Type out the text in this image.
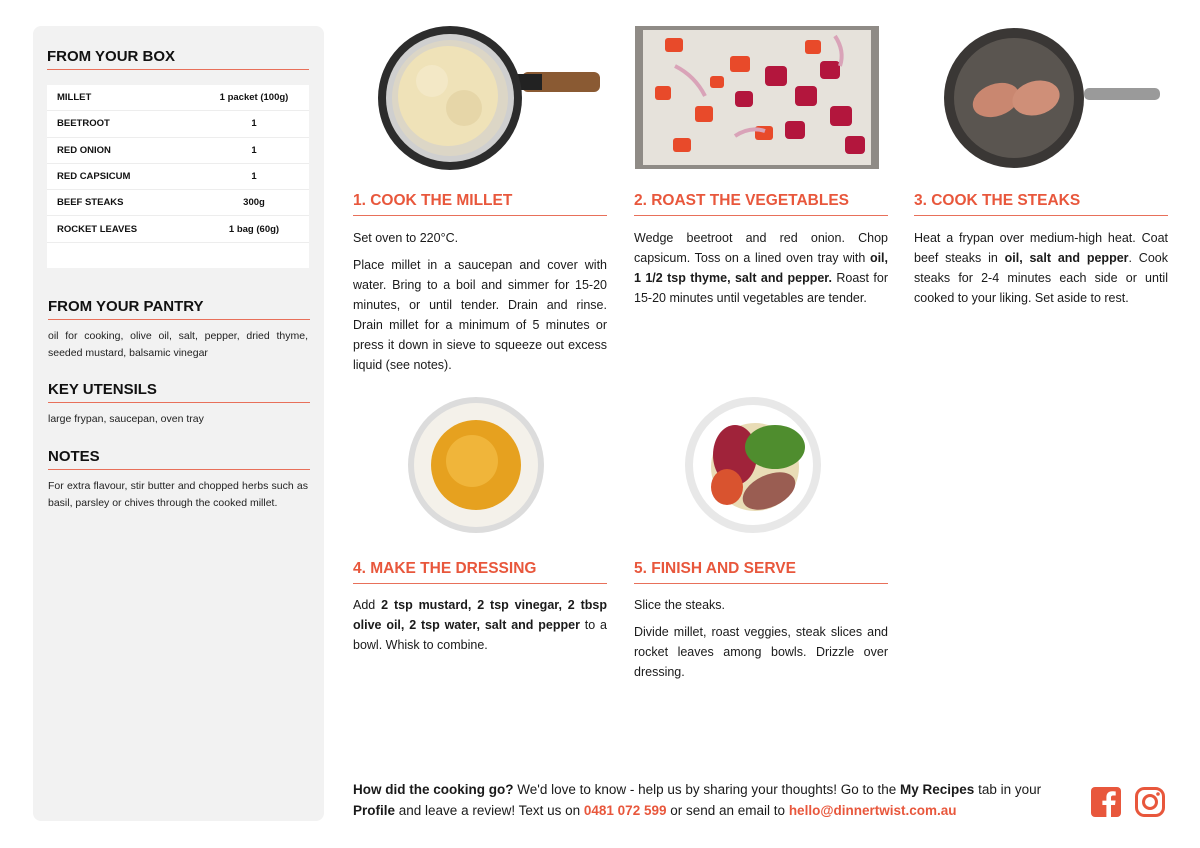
FROM YOUR BOX
MILLET	1 packet (100g)
BEETROOT	1
RED ONION	1
RED CAPSICUM	1
BEEF STEAKS	300g
ROCKET LEAVES	1 bag (60g)
FROM YOUR PANTRY
oil for cooking, olive oil, salt, pepper, dried thyme, seeded mustard, balsamic vinegar
KEY UTENSILS
large frypan, saucepan, oven tray
NOTES
For extra flavour, stir butter and chopped herbs such as basil, parsley or chives through the cooked millet.
1. COOK THE MILLET

Set oven to 220°C.

Place millet in a saucepan and cover with water. Bring to a boil and simmer for 15-20 minutes, or until tender. Drain and rinse. Drain millet for a minimum of 5 minutes or press it down in sieve to squeeze out excess liquid (see notes).

2. ROAST THE VEGETABLES

Wedge beetroot and red onion. Chop capsicum. Toss on a lined oven tray with oil, 1 1/2 tsp thyme, salt and pepper. Roast for 15-20 minutes until vegetables are tender.

3. COOK THE STEAKS

Heat a frypan over medium-high heat. Coat beef steaks in oil, salt and pepper. Cook steaks for 2-4 minutes each side or until cooked to your liking. Set aside to rest.

4. MAKE THE DRESSING

Add 2 tsp mustard, 2 tsp vinegar, 2 tbsp olive oil, 2 tsp water, salt and pepper to a bowl. Whisk to combine.

5. FINISH AND SERVE

Slice the steaks.

Divide millet, roast veggies, steak slices and rocket leaves among bowls. Drizzle over dressing.

How did the cooking go? We'd love to know - help us by sharing your thoughts! Go to the My Recipes tab in your Profile and leave a review! Text us on 0481 072 599 or send an email to hello@dinnertwist.com.au
